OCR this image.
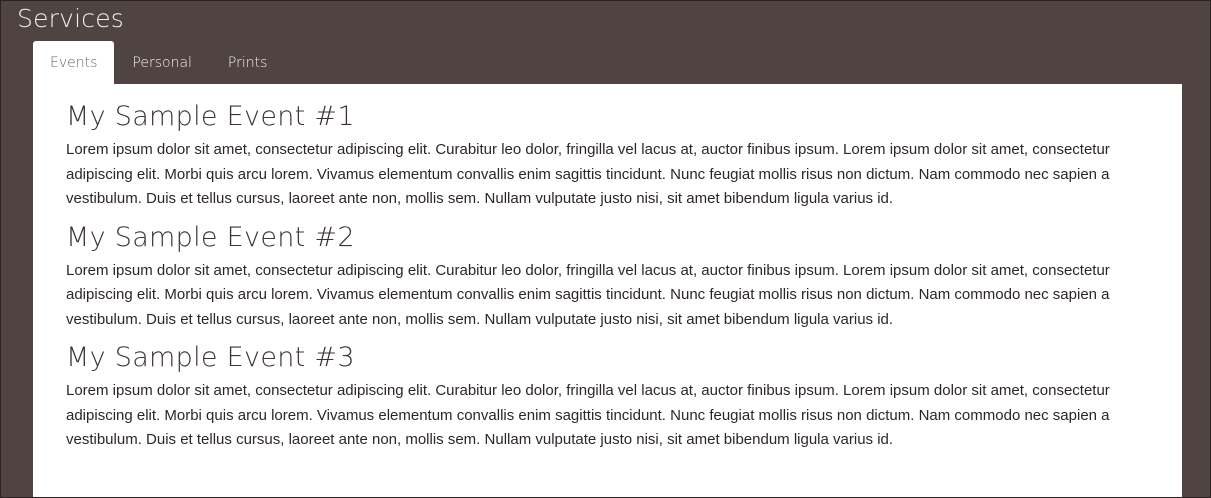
Services
Events	Personal	Prints
My Sample Event #1

Lorem ipsum dolor sit amet, consectetur adipiscing elit. Curabitur leo dolor, fringilla vel lacus at, auctor finibus ipsum. Lorem ipsum dolor sit amet, consectetur adipiscing elit. Morbi quis arcu lorem. Vivamus elementum convallis enim sagittis tincidunt. Nunc feugiat mollis risus non dictum. Nam commodo nec sapien a vestibulum. Duis et tellus cursus, laoreet ante non, mollis sem. Nullam vulputate justo nisi, sit amet bibendum ligula varius id.

My Sample Event #2

Lorem ipsum dolor sit amet, consectetur adipiscing elit. Curabitur leo dolor, fringilla vel lacus at, auctor finibus ipsum. Lorem ipsum dolor sit amet, consectetur adipiscing elit. Morbi quis arcu lorem. Vivamus elementum convallis enim sagittis tincidunt. Nunc feugiat mollis risus non dictum. Nam commodo nec sapien a vestibulum. Duis et tellus cursus, laoreet ante non, mollis sem. Nullam vulputate justo nisi, sit amet bibendum ligula varius id.

My Sample Event #3

Lorem ipsum dolor sit amet, consectetur adipiscing elit. Curabitur leo dolor, fringilla vel lacus at, auctor finibus ipsum. Lorem ipsum dolor sit amet, consectetur adipiscing elit. Morbi quis arcu lorem. Vivamus elementum convallis enim sagittis tincidunt. Nunc feugiat mollis risus non dictum. Nam commodo nec sapien a vestibulum. Duis et tellus cursus, laoreet ante non, mollis sem. Nullam vulputate justo nisi, sit amet bibendum ligula varius id.
